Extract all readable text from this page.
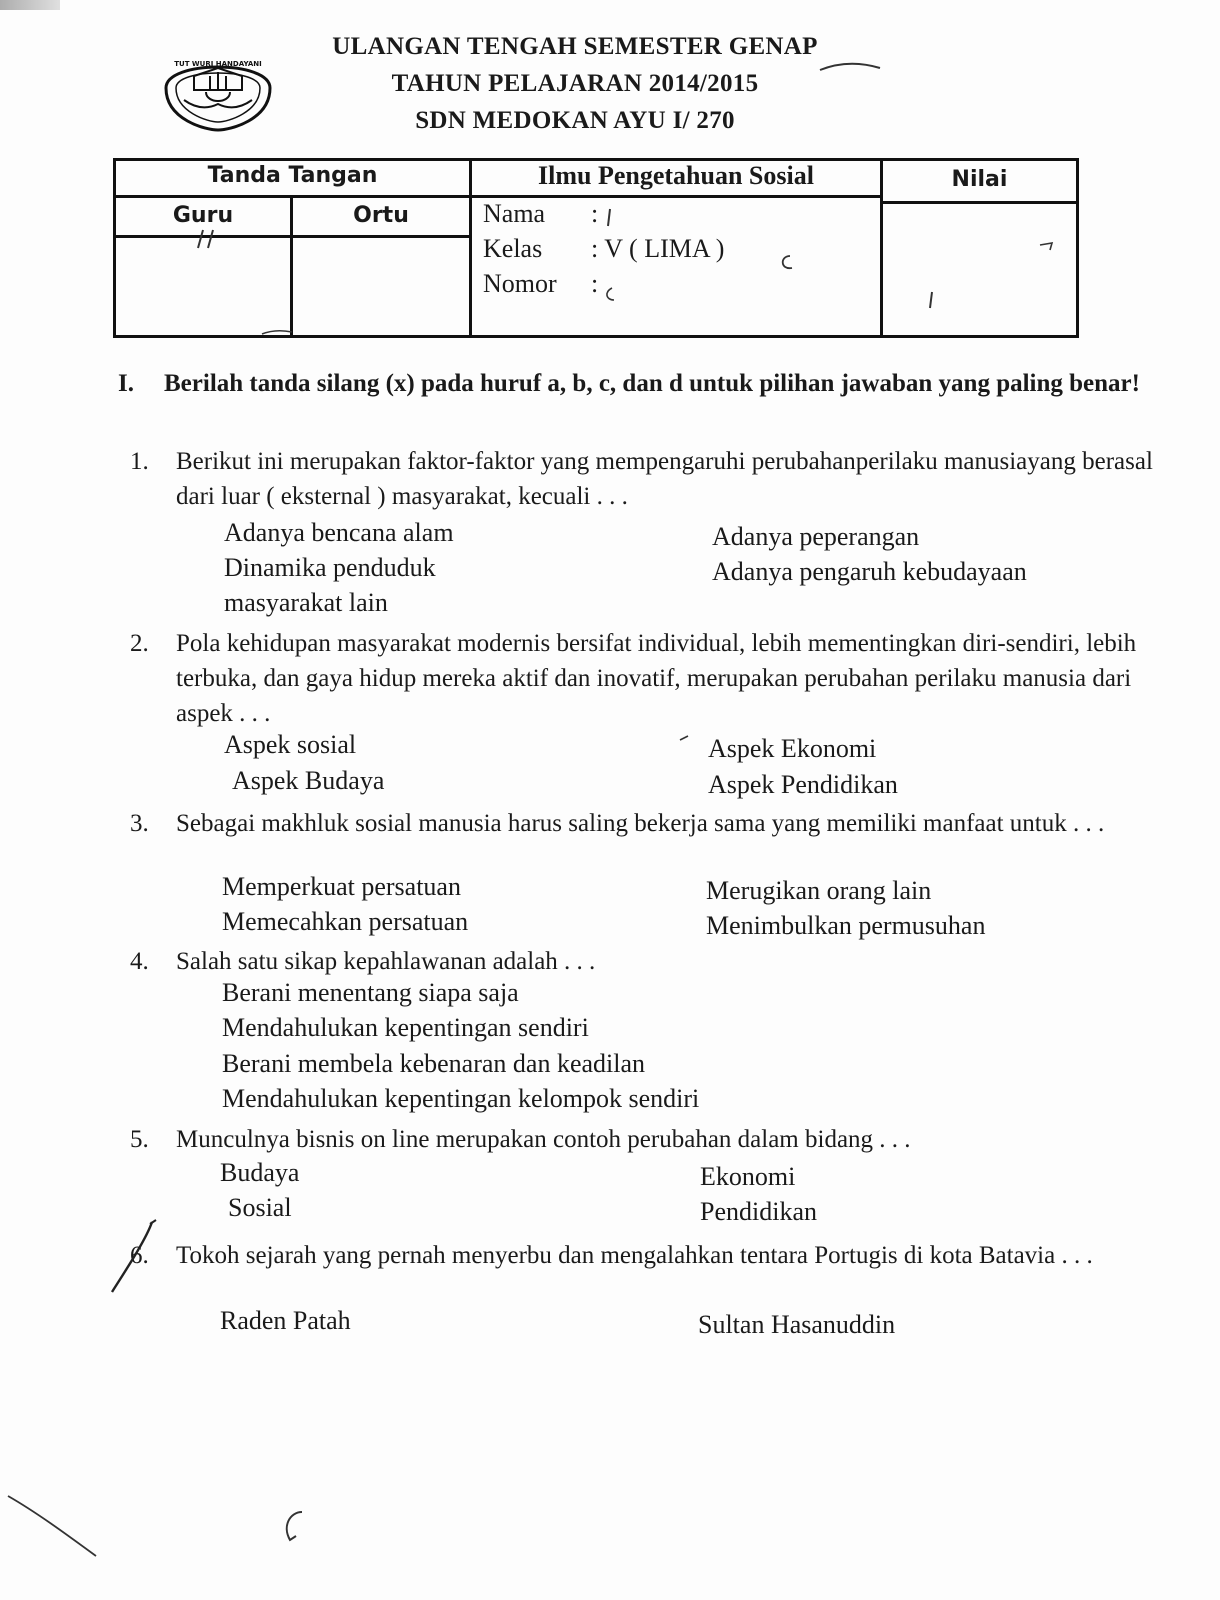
TUT WURI HANDAYANI
ULANGAN TENGAH SEMESTER GENAP
TAHUN PELAJARAN 2014/2015
SDN MEDOKAN AYU I/ 270
Tanda Tangan	Ilmu Pengetahuan Sosial	Nilai
Guru	Ortu	Nama :
Kelas : V ( LIMA )
Nomor :
I. Berilah tanda silang (x) pada huruf a, b, c, dan d untuk pilihan jawaban yang paling benar!
1.	Berikut ini merupakan faktor-faktor yang mempengaruhi perubahanperilaku manusiayang berasal dari luar ( eksternal ) masyarakat, kecuali . . .
Adanya bencana alam	Adanya peperangan
Dinamika penduduk	Adanya pengaruh kebudayaan
masyarakat lain
2.	Pola kehidupan masyarakat modernis bersifat individual, lebih mementingkan diri-sendiri, lebih terbuka, dan gaya hidup mereka aktif dan inovatif, merupakan perubahan perilaku manusia dari aspek . . .
Aspek sosial	Aspek Ekonomi
Aspek Budaya	Aspek Pendidikan
3.	Sebagai makhluk sosial manusia harus saling bekerja sama yang memiliki manfaat untuk . . .
Memperkuat persatuan	Merugikan orang lain
Memecahkan persatuan	Menimbulkan permusuhan
4.	Salah satu sikap kepahlawanan adalah . . .
Berani menentang siapa saja
Mendahulukan kepentingan sendiri
Berani membela kebenaran dan keadilan
Mendahulukan kepentingan kelompok sendiri
5.	Munculnya bisnis on line merupakan contoh perubahan dalam bidang . . .
Budaya	Ekonomi
Sosial	Pendidikan
6.	Tokoh sejarah yang pernah menyerbu dan mengalahkan tentara Portugis di kota Batavia . . .
Raden Patah	Sultan Hasanuddin
